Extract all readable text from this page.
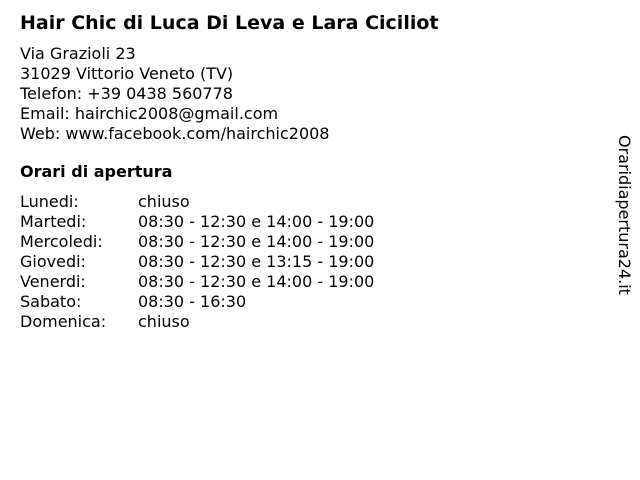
Hair Chic di Luca Di Leva e Lara Ciciliot
Via Grazioli 23
31029 Vittorio Veneto (TV)
Telefon: +39 0438 560778
Email: hairchic2008@gmail.com
Web: www.facebook.com/hairchic2008
Orari di apertura
Lunedi:	chiuso
Martedi:	08:30 - 12:30 e 14:00 - 19:00
Mercoledi:	08:30 - 12:30 e 14:00 - 19:00
Giovedi:	08:30 - 12:30 e 13:15 - 19:00
Venerdi:	08:30 - 12:30 e 14:00 - 19:00
Sabato:	08:30 - 16:30
Domenica:	chiuso
Oraridiapertura24.it
